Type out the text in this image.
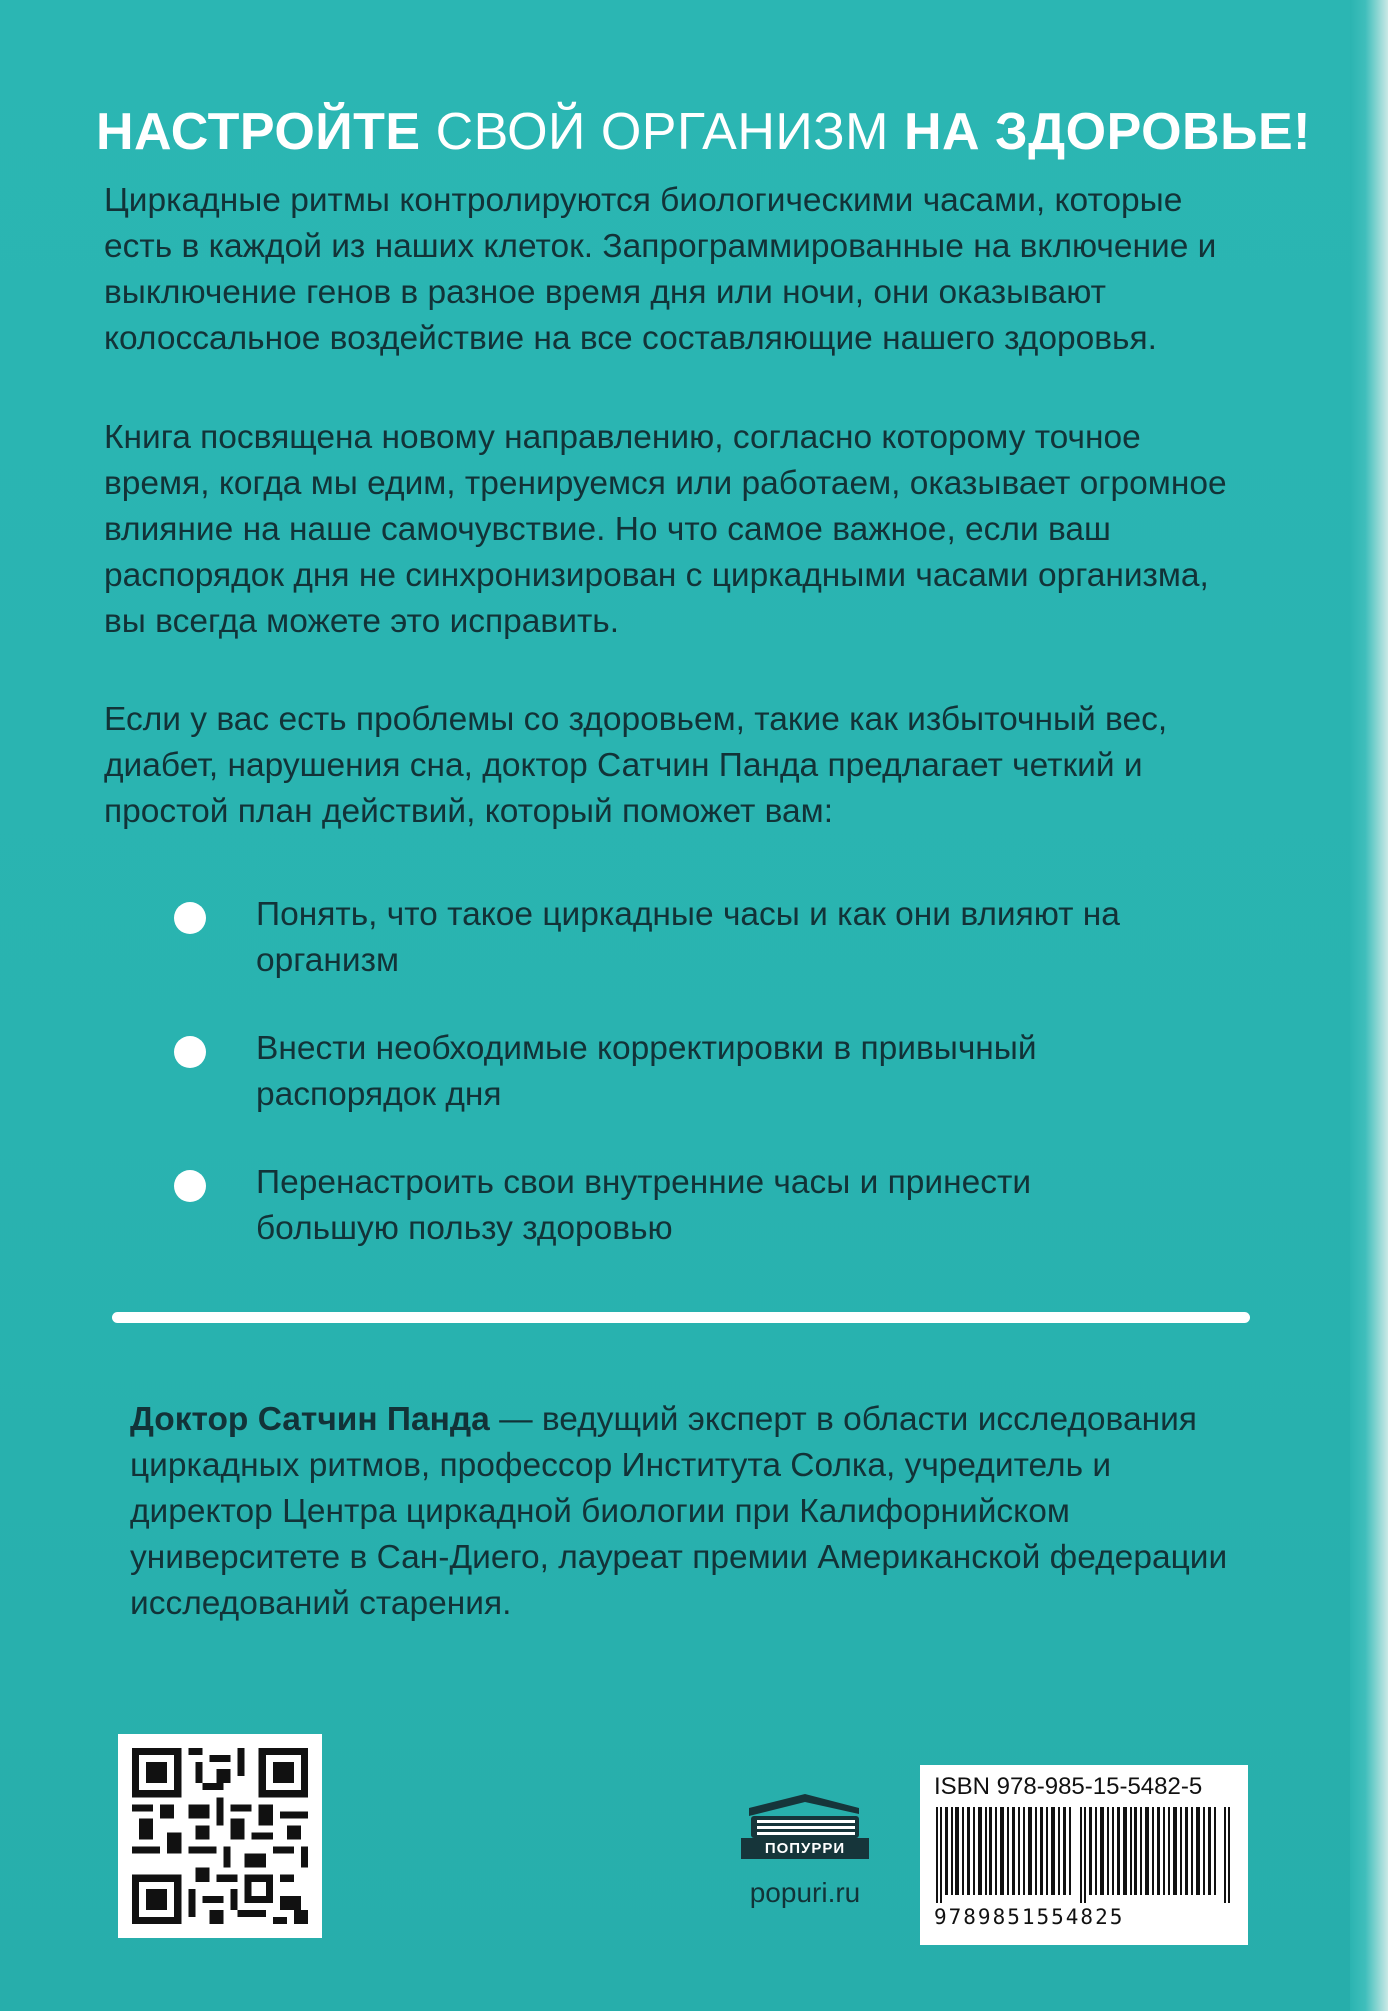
НАСТРОЙТЕ СВОЙ ОРГАНИЗМ НА ЗДОРОВЬЕ!
Циркадные ритмы контролируются биологическими часами, которые есть в каждой из наших клеток. Запрограммированные на включение и выключение генов в разное время дня или ночи, они оказывают колоссальное воздействие на все составляющие нашего здоровья.
Книга посвящена новому направлению, согласно которому точное время, когда мы едим, тренируемся или работаем, оказывает огромное влияние на наше самочувствие. Но что самое важное, если ваш распорядок дня не синхронизирован с циркадными часами организма, вы всегда можете это исправить.
Если у вас есть проблемы со здоровьем, такие как избыточный вес, диабет, нарушения сна, доктор Сатчин Панда предлагает четкий и простой план действий, который поможет вам:
Понять, что такое циркадные часы и как они влияют на организм
Внести необходимые корректировки в привычный распорядок дня
Перенастроить свои внутренние часы и принести большую пользу здоровью
Доктор Сатчин Панда — ведущий эксперт в области исследования циркадных ритмов, профессор Института Солка, учредитель и директор Центра циркадной биологии при Калифорнийском университете в Сан-Диего, лауреат премии Американской федерации исследований старения.
ПОПУРРИ
popuri.ru
ISBN 978-985-15-5482-5
9789851554825
